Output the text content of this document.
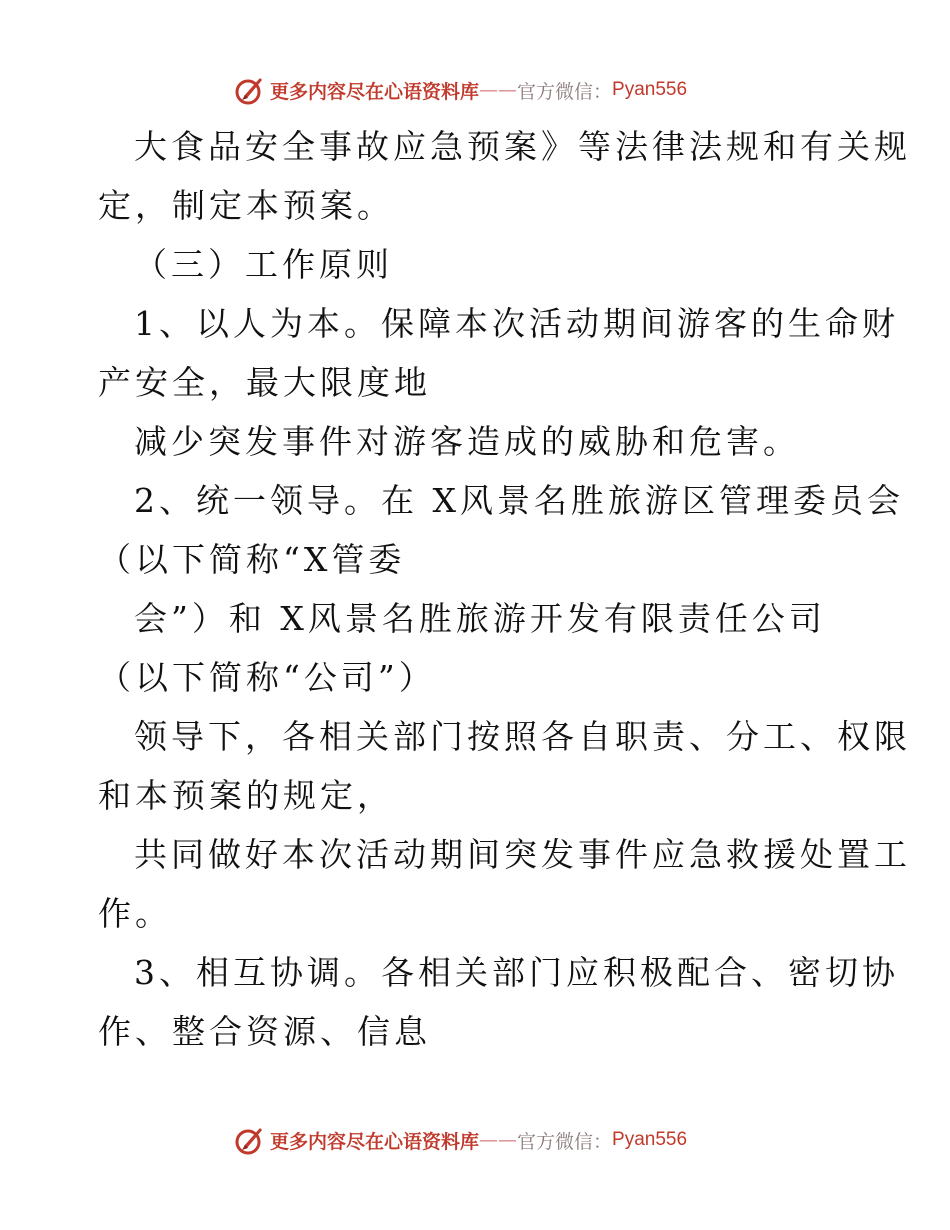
更多内容尽在心语资料库 —— 官方微信： Pyan556
大食品安全事故应急预案》等法律法规和有关规
定，制定本预案。
（三）工作原则
1、以人为本。保障本次活动期间游客的生命财
产安全，最大限度地
减少突发事件对游客造成的威胁和危害。
2、统一领导。在 X风景名胜旅游区管理委员会
（以下简称“X管委
会”）和 X风景名胜旅游开发有限责任公司
（以下简称“公司”）
领导下，各相关部门按照各自职责、分工、权限
和本预案的规定，
共同做好本次活动期间突发事件应急救援处置工
作。
3、相互协调。各相关部门应积极配合、密切协
作、整合资源、信息
更多内容尽在心语资料库 —— 官方微信： Pyan556
